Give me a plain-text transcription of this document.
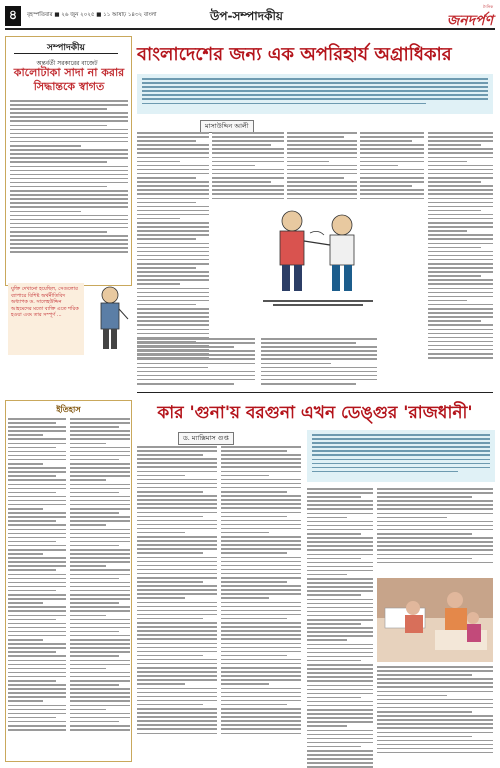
৪	বৃহস্পতিবার ■ ২৬ জুন ২০২৫ ■ ১১ আষাঢ় ১৪৩২ বাংলা	উপ-সম্পাদকীয়
দৈনিক
জনদর্পণ
সম্পাদকীয়
অন্তর্বর্তী সরকারের বাজেট
কালোটাকা সাদা না করার সিদ্ধান্তকে স্বাগত
যুক্তি দেখানো হয়েছিল, সেগুলোর ব্যাপারে বিশিষ্ট অর্থনীতিবিদ অধ্যাপক ড. সালেহউদ্দিন আহমেদের মতো ব্যক্তি এতে শরিক হওয়া এবং তার সম্পূর্ণ ...
ইতিহাস
বাংলাদেশের জন্য এক অপরিহার্য অগ্রাধিকার
মাসাউদ্দিন আলী
কার 'গুনা'য় বরগুনা এখন ডেঙ্গুর 'রাজধানী'
ড. ম্যাক্সিমাস গুপ্ত
